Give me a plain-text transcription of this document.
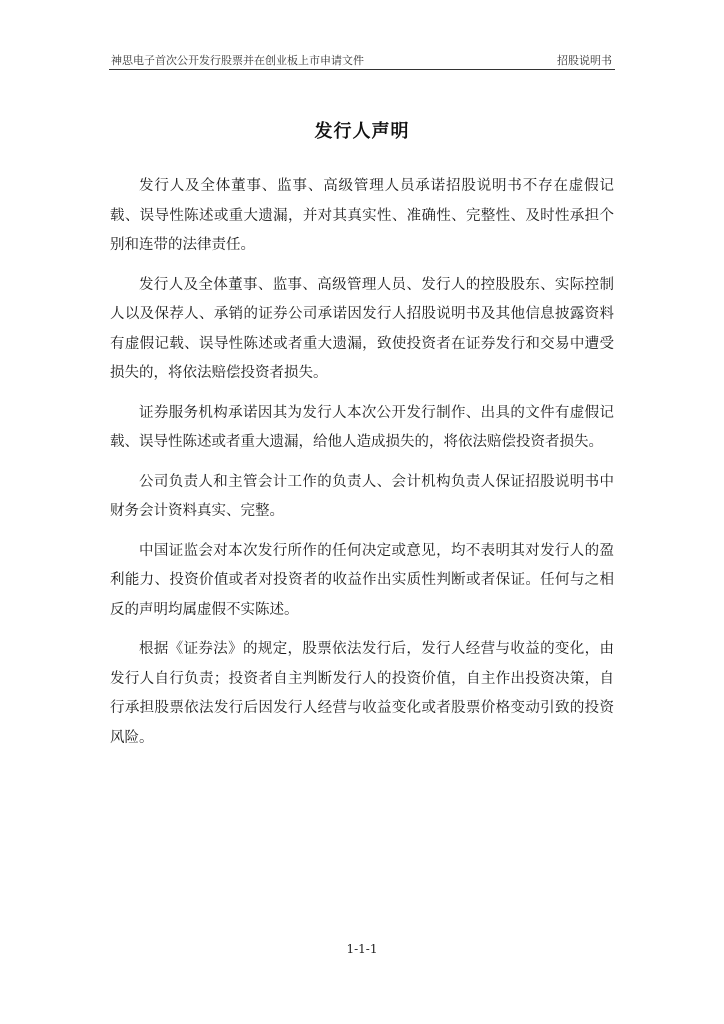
神思电子首次公开发行股票并在创业板上市申请文件	招股说明书
发行人声明

发行人及全体董事、监事、高级管理人员承诺招股说明书不存在虚假记载、误导性陈述或重大遗漏，并对其真实性、准确性、完整性、及时性承担个别和连带的法律责任。

发行人及全体董事、监事、高级管理人员、发行人的控股股东、实际控制人以及保荐人、承销的证券公司承诺因发行人招股说明书及其他信息披露资料有虚假记载、误导性陈述或者重大遗漏，致使投资者在证券发行和交易中遭受损失的，将依法赔偿投资者损失。

证券服务机构承诺因其为发行人本次公开发行制作、出具的文件有虚假记载、误导性陈述或者重大遗漏，给他人造成损失的，将依法赔偿投资者损失。

公司负责人和主管会计工作的负责人、会计机构负责人保证招股说明书中财务会计资料真实、完整。

中国证监会对本次发行所作的任何决定或意见，均不表明其对发行人的盈利能力、投资价值或者对投资者的收益作出实质性判断或者保证。任何与之相反的声明均属虚假不实陈述。

根据《证券法》的规定，股票依法发行后，发行人经营与收益的变化，由发行人自行负责；投资者自主判断发行人的投资价值，自主作出投资决策，自行承担股票依法发行后因发行人经营与收益变化或者股票价格变动引致的投资风险。

1-1-1
